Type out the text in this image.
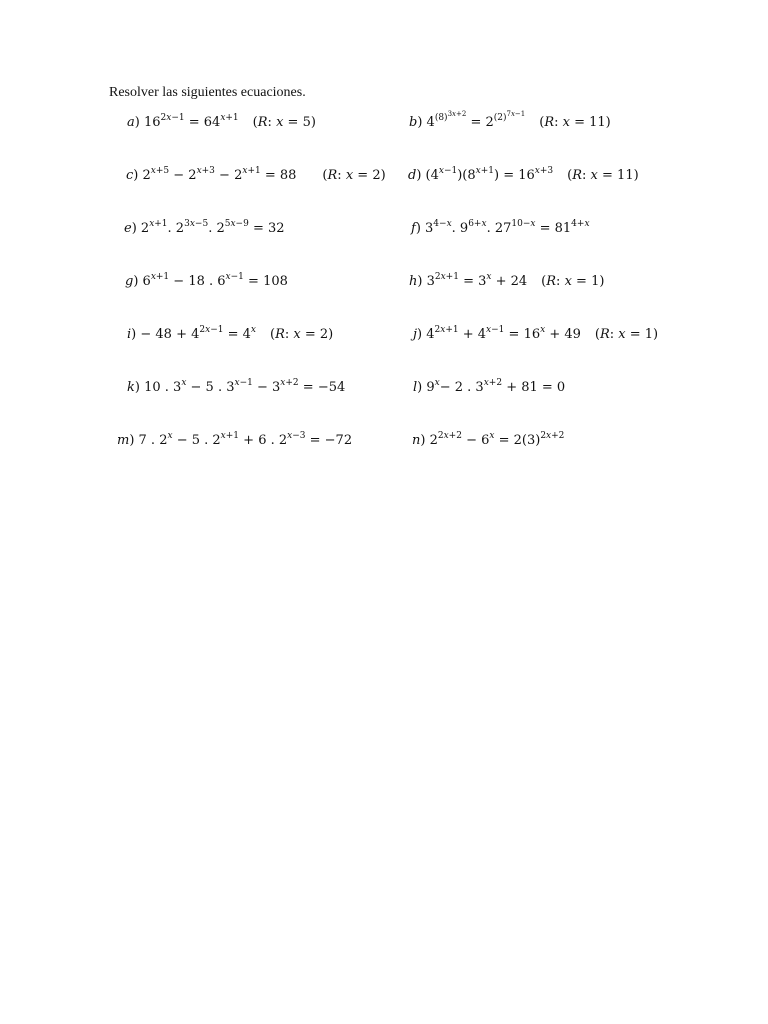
Resolver las siguientes ecuaciones.
a) $16^{2x-1} = 64^{x+1}$ (R: x = 5)	b) $4^{(8)^{3x+2}} = 2^{(2)^{7x-1}}(R$: x = 11)
c) $2^{x+5} - 2^{x+3} - 2^{x+1} = 88$ (R: x = 2) d) $(4^{x-1})(8^{x+1}) = 16^{x+3}$ (R: x = 11)
e) $2^{x+1}$. $2^{3x-5}$. $2^{5x-9} = 32$	f) $3^{4-x}$. $9^{6+x}$. $27^{10-x} = 81^{4+x}$
g) $6^{x+1} - 18$ . $6^{x-1} = 108$	h) $3^{2x+1} = 3^x + 24$ (R: x = 1)
$i) - 48 + 4^{2x-1} = 4^x$ (R: x = 2)	j) $4^{2x+1} + 4^{x-1} = 16^x + 49$ (R: x = 1)
k) 10 . $3^x - 5$ . $3^{x-1} - 3^{x+2} = -54$	l) $9^x- 2$ . $3^{x+2} + 81 = 0$
m) 7 . $2^x - 5$ . $2^{x+1} + 6$ . $2^{x-3} = -72$	n) $2^{2x+2} - 6^x = 2(3)^{2x+2}$
